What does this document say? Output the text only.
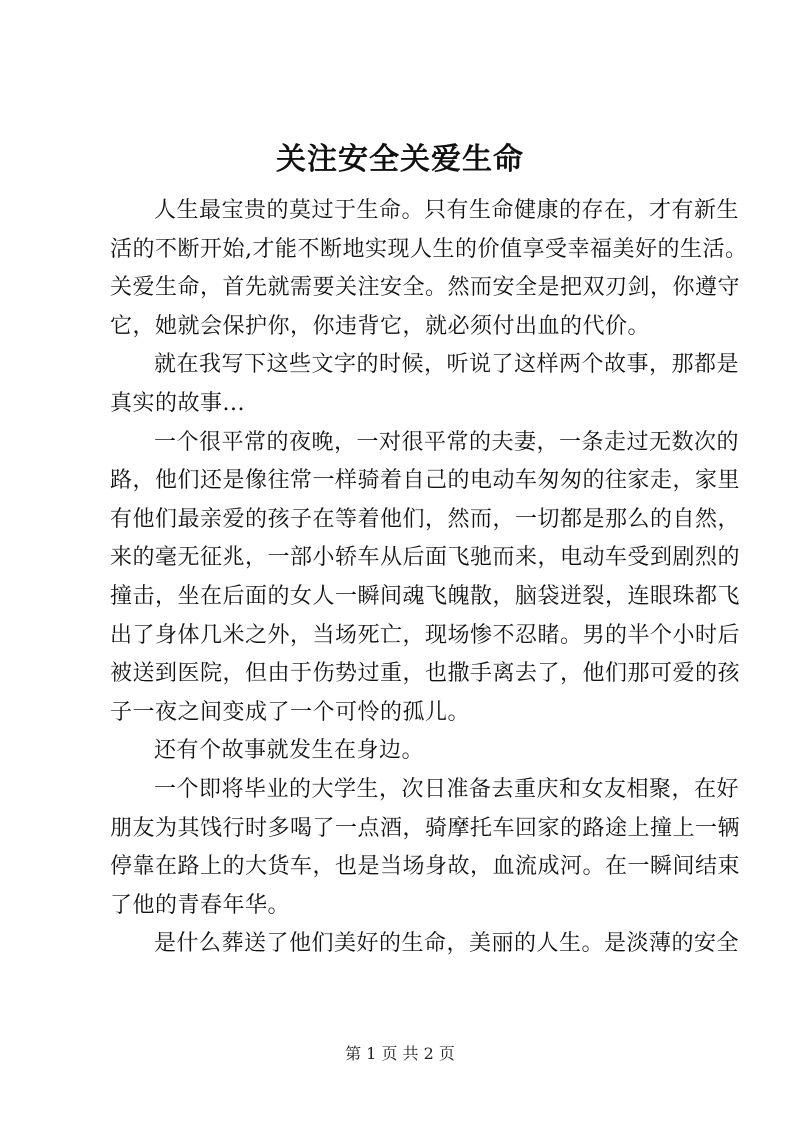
关注安全关爱生命
人生最宝贵的莫过于生命。只有生命健康的存在，才有新生
活的不断开始,才能不断地实现人生的价值享受幸福美好的生活。
关爱生命，首先就需要关注安全。然而安全是把双刃剑，你遵守
它，她就会保护你，你违背它，就必须付出血的代价。
就在我写下这些文字的时候，听说了这样两个故事，那都是
真实的故事...
一个很平常的夜晚，一对很平常的夫妻，一条走过无数次的
路，他们还是像往常一样骑着自己的电动车匆匆的往家走，家里
有他们最亲爱的孩子在等着他们，然而，一切都是那么的自然，
来的毫无征兆，一部小轿车从后面飞驰而来，电动车受到剧烈的
撞击，坐在后面的女人一瞬间魂飞魄散，脑袋迸裂，连眼珠都飞
出了身体几米之外，当场死亡，现场惨不忍睹。男的半个小时后
被送到医院，但由于伤势过重，也撒手离去了，他们那可爱的孩
子一夜之间变成了一个可怜的孤儿。
还有个故事就发生在身边。
一个即将毕业的大学生，次日准备去重庆和女友相聚，在好
朋友为其饯行时多喝了一点酒，骑摩托车回家的路途上撞上一辆
停靠在路上的大货车，也是当场身故，血流成河。在一瞬间结束
了他的青春年华。
是什么葬送了他们美好的生命，美丽的人生。是淡薄的安全
第 1 页 共 2 页
